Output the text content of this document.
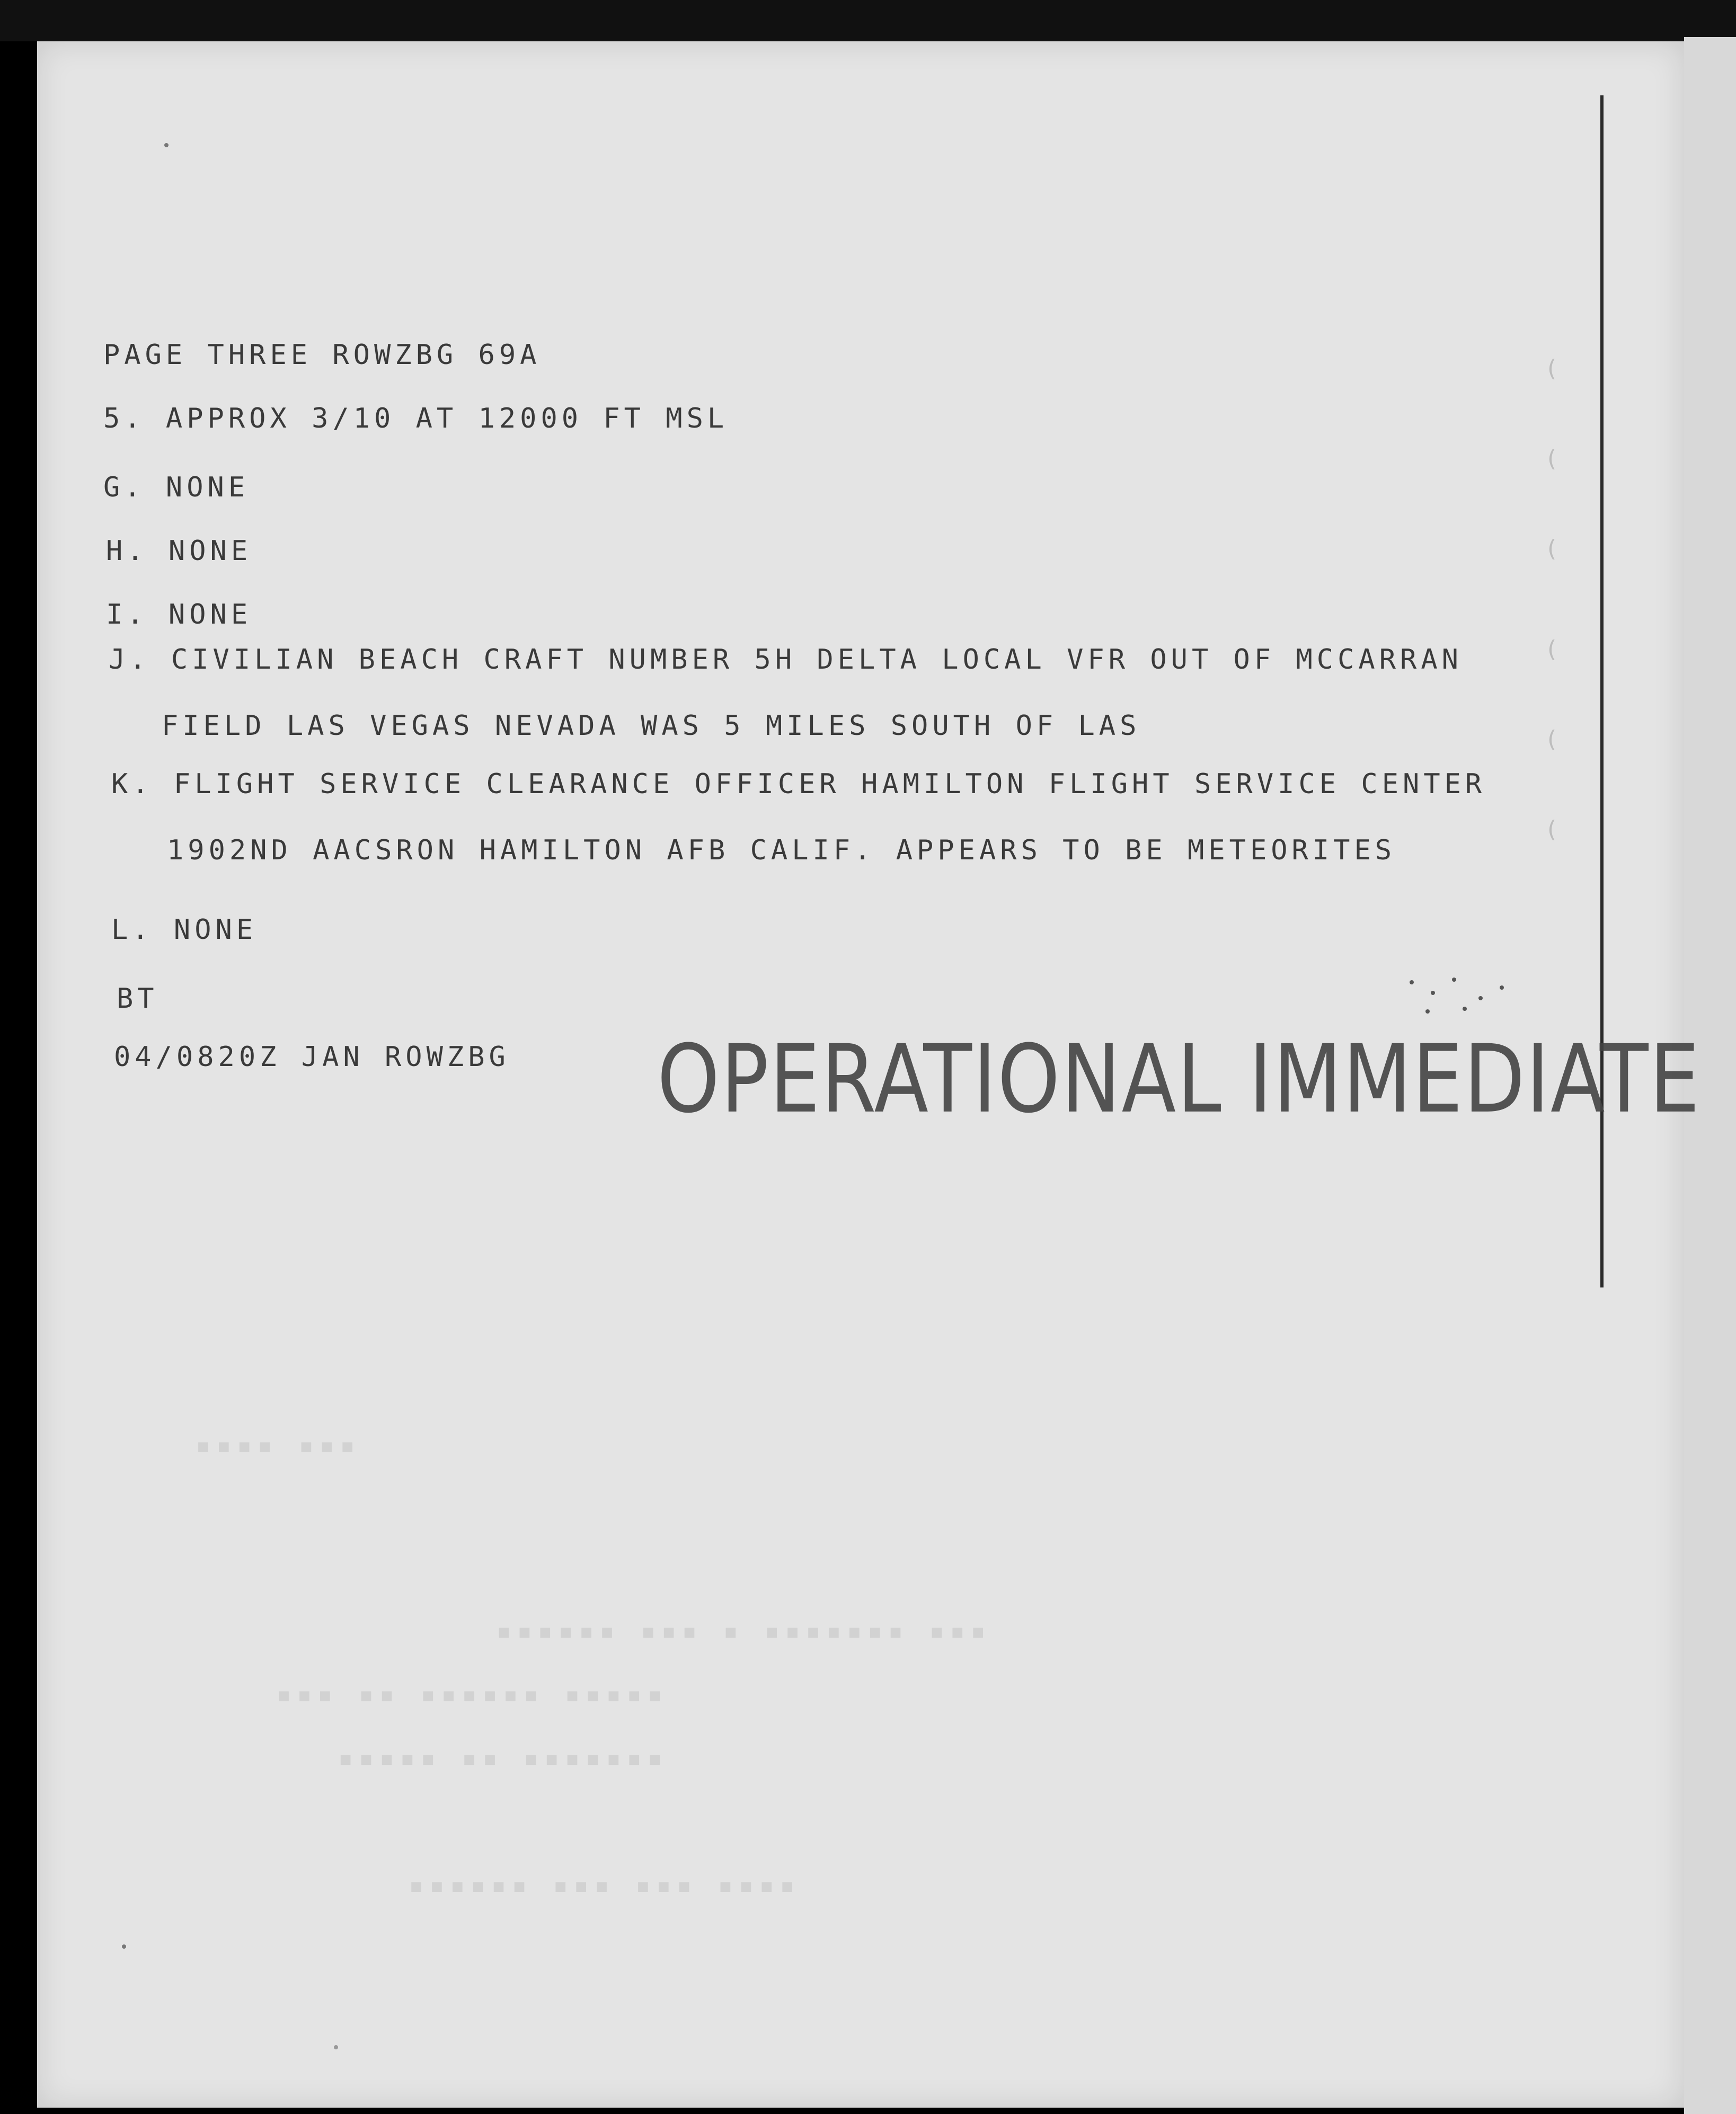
PAGE THREE ROWZBG 69A
5. APPROX 3/10 AT 12000 FT MSL
G. NONE
H. NONE
I. NONE
J. CIVILIAN BEACH CRAFT NUMBER 5H DELTA LOCAL VFR OUT OF MCCARRAN
FIELD LAS VEGAS NEVADA WAS 5 MILES SOUTH OF LAS
K. FLIGHT SERVICE CLEARANCE OFFICER HAMILTON FLIGHT SERVICE CENTER
1902ND AACSRON HAMILTON AFB CALIF. APPEARS TO BE METEORITES
L. NONE
BT
04/0820Z JAN ROWZBG OPERATIONAL IMMEDIATE
▪▪▪ ▪▪▪▪
▪▪▪ ▪▪▪▪▪▪▪ ▪ ▪▪▪ ▪▪▪▪▪▪
▪▪▪▪▪ ▪▪▪▪▪▪ ▪▪ ▪▪▪
▪▪▪▪▪▪▪ ▪▪ ▪▪▪▪▪
▪▪▪▪ ▪▪▪ ▪▪▪ ▪▪▪▪▪▪
(
(
(
(
(
(
